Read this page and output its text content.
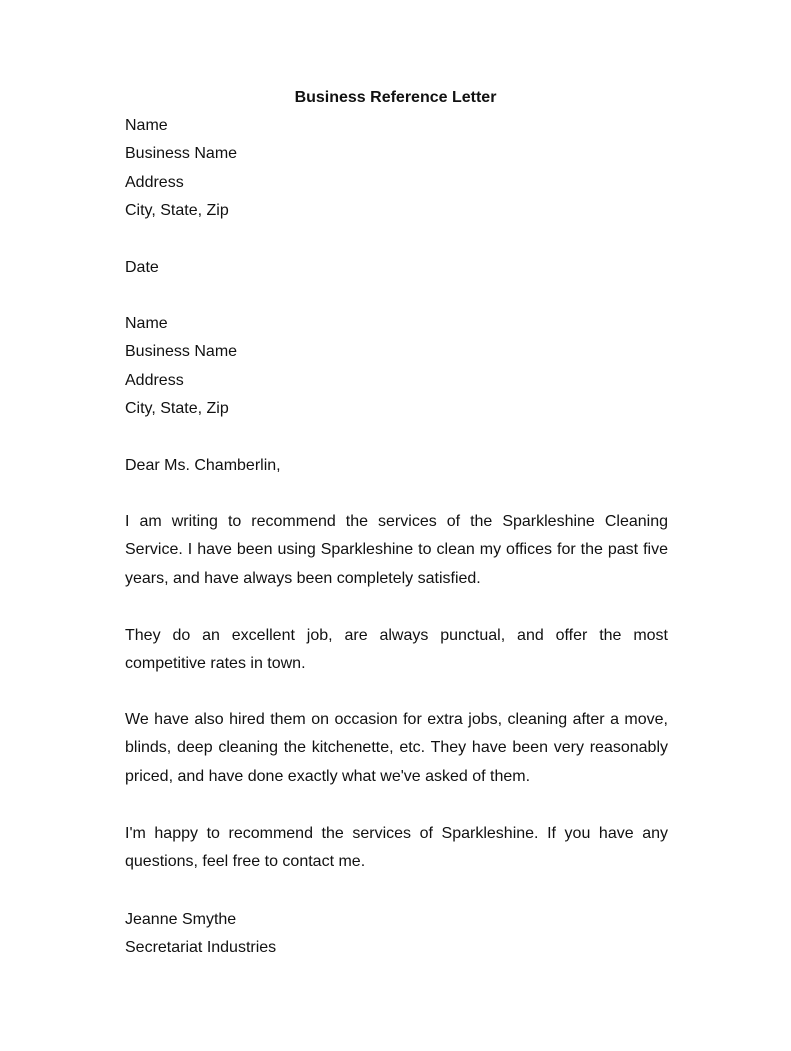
Business Reference Letter
Name
Business Name
Address
City, State, Zip
Date
Name
Business Name
Address
City, State, Zip
Dear Ms. Chamberlin,

I am writing to recommend the services of the Sparkleshine Cleaning Service. I have been using Sparkleshine to clean my offices for the past five years, and have always been completely satisfied.

They do an excellent job, are always punctual, and offer the most competitive rates in town.

We have also hired them on occasion for extra jobs, cleaning after a move, blinds, deep cleaning the kitchenette, etc. They have been very reasonably priced, and have done exactly what we've asked of them.

I'm happy to recommend the services of Sparkleshine. If you have any questions, feel free to contact me.

Jeanne Smythe
Secretariat Industries
